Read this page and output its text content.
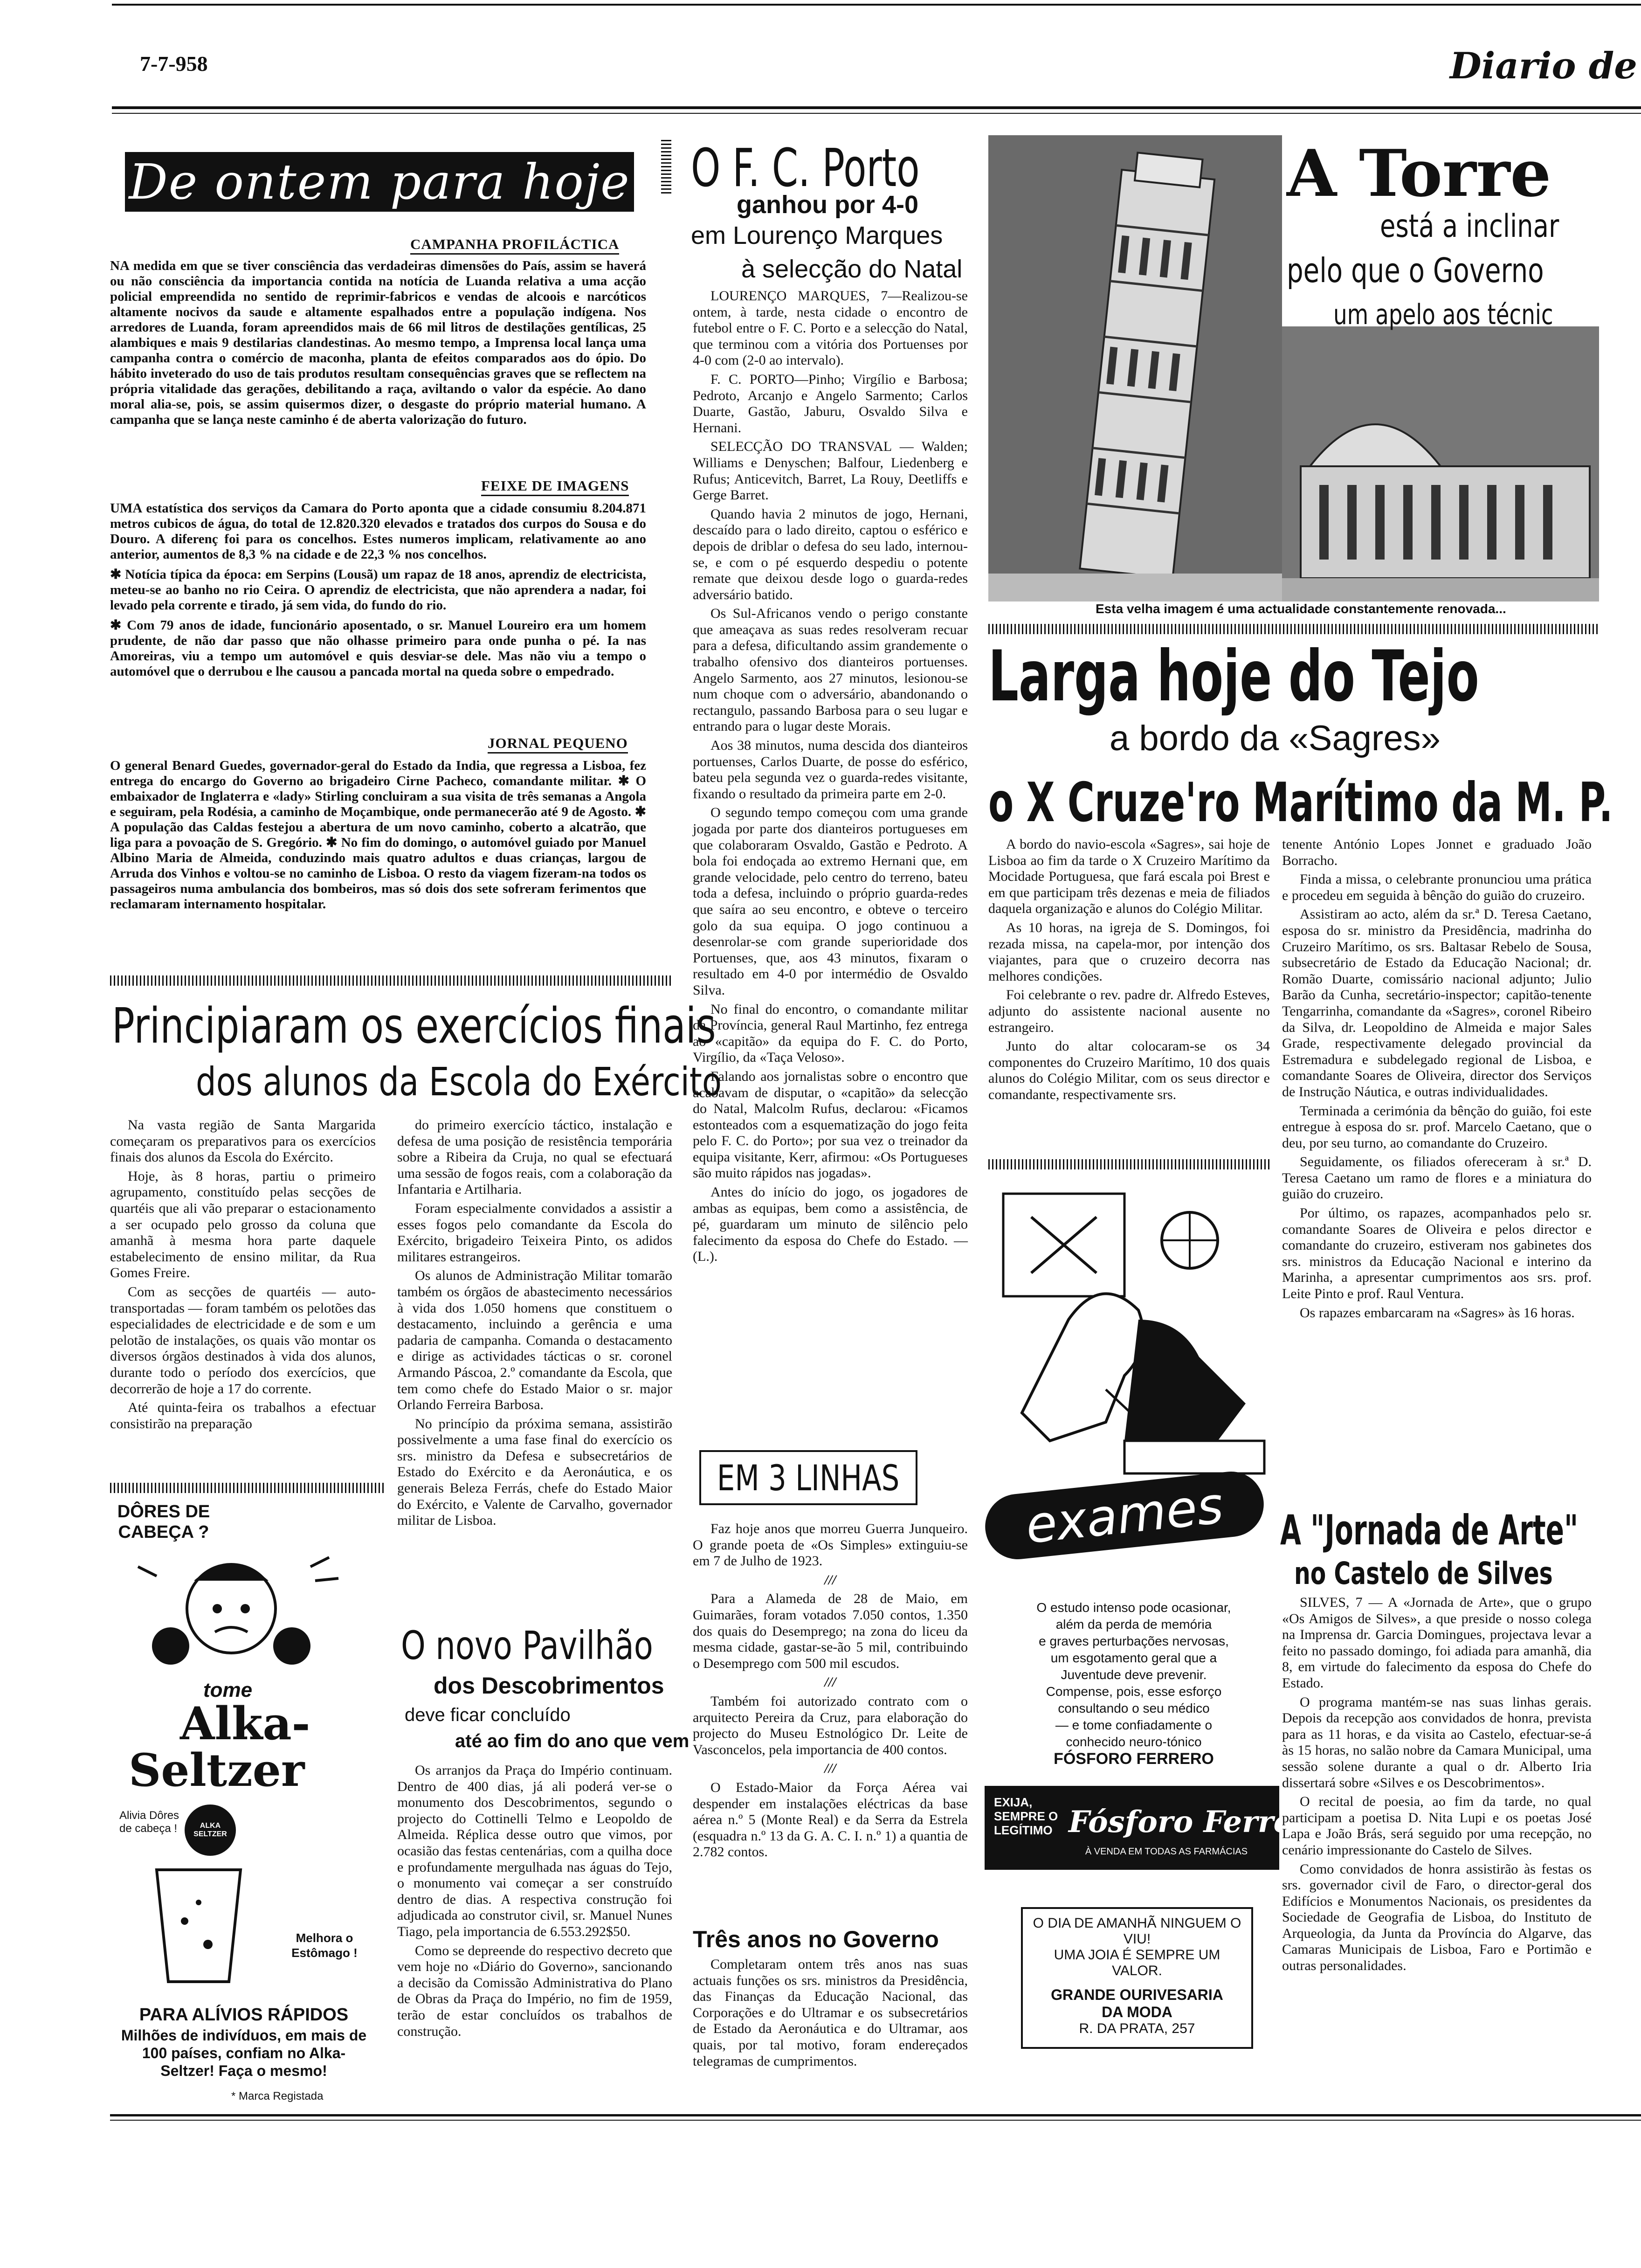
7-7-958	Diario de
De ontem para hoje
CAMPANHA PROFILÁCTICA

NA medida em que se tiver consciência das verdadeiras dimensões do País, assim se haverá ou não consciência da importancia contida na notícia de Luanda relativa a uma acção policial empreendida no sentido de reprimir-fabricos e vendas de alcoois e narcóticos altamente nocivos da saude e altamente espalhados entre a população indígena. Nos arredores de Luanda, foram apreendidos mais de 66 mil litros de destilações gentílicas, 25 alambiques e mais 9 destilarias clandestinas. Ao mesmo tempo, a Imprensa local lança uma campanha contra o comércio de maconha, planta de efeitos comparados aos do ópio. Do hábito inveterado do uso de tais produtos resultam consequências graves que se reflectem na própria vitalidade das gerações, debilitando a raça, aviltando o valor da espécie. Ao dano moral alia-se, pois, se assim quisermos dizer, o desgaste do próprio material humano. A campanha que se lança neste caminho é de aberta valorização do futuro.

FEIXE DE IMAGENS

UMA estatística dos serviços da Camara do Porto aponta que a cidade consumiu 8.204.871 metros cubicos de água, do total de 12.820.320 elevados e tratados dos curpos do Sousa e do Douro. A diferenç foi para os concelhos. Estes numeros implicam, relativamente ao ano anterior, aumentos de 8,3 % na cidade e de 22,3 % nos concelhos.

✱ Notícia típica da época: em Serpins (Lousã) um rapaz de 18 anos, aprendiz de electricista, meteu-se ao banho no rio Ceira. O aprendiz de electricista, que não aprendera a nadar, foi levado pela corrente e tirado, já sem vida, do fundo do rio.

✱ Com 79 anos de idade, funcionário aposentado, o sr. Manuel Loureiro era um homem prudente, de não dar passo que não olhasse primeiro para onde punha o pé. Ia nas Amoreiras, viu a tempo um automóvel e quis desviar-se dele. Mas não viu a tempo o automóvel que o derrubou e lhe causou a pancada mortal na queda sobre o empedrado.

JORNAL PEQUENO

O general Benard Guedes, governador-geral do Estado da India, que regressa a Lisboa, fez entrega do encargo do Governo ao brigadeiro Cirne Pacheco, comandante militar. ✱ O embaixador de Inglaterra e «lady» Stirling concluiram a sua visita de três semanas a Angola e seguiram, pela Rodésia, a caminho de Moçambique, onde permanecerão até 9 de Agosto. ✱ A população das Caldas festejou a abertura de um novo caminho, coberto a alcatrão, que liga para a povoação de S. Gregório. ✱ No fim do domingo, o automóvel guiado por Manuel Albino Maria de Almeida, conduzindo mais quatro adultos e duas crianças, largou de Arruda dos Vinhos e voltou-se no caminho de Lisboa. O resto da viagem fizeram-na todos os passageiros numa ambulancia dos bombeiros, mas só dois dos sete sofreram ferimentos que reclamaram internamento hospitalar.

Principiaram os exercícios finais
dos alunos da Escola do Exército

Na vasta região de Santa Margarida começaram os preparativos para os exercícios finais dos alunos da Escola do Exército.

Hoje, às 8 horas, partiu o primeiro agrupamento, constituído pelas secções de quartéis que ali vão preparar o estacionamento a ser ocupado pelo grosso da coluna que amanhã à mesma hora parte daquele estabelecimento de ensino militar, da Rua Gomes Freire.

Com as secções de quartéis — auto-transportadas — foram também os pelotões das especialidades de electricidade e de som e um pelotão de instalações, os quais vão montar os diversos órgãos destinados à vida dos alunos, durante todo o período dos exercícios, que decorrerão de hoje a 17 do corrente.

Até quinta-feira os trabalhos a efectuar consistirão na preparação

do primeiro exercício táctico, instalação e defesa de uma posição de resistência temporária sobre a Ribeira da Cruja, no qual se efectuará uma sessão de fogos reais, com a colaboração da Infantaria e Artilharia.

Foram especialmente convidados a assistir a esses fogos pelo comandante da Escola do Exército, brigadeiro Teixeira Pinto, os adidos militares estrangeiros.

Os alunos de Administração Militar tomarão também os órgãos de abastecimento necessários à vida dos 1.050 homens que constituem o destacamento, incluindo a gerência e uma padaria de campanha. Comanda o destacamento e dirige as actividades tácticas o sr. coronel Armando Páscoa, 2.º comandante da Escola, que tem como chefe do Estado Maior o sr. major Orlando Ferreira Barbosa.

No princípio da próxima semana, assistirão possivelmente a uma fase final do exercício os srs. ministro da Defesa e subsecretários de Estado do Exército e da Aeronáutica, e os generais Beleza Ferrás, chefe do Estado Maior do Exército, e Valente de Carvalho, governador militar de Lisboa.

DÔRES DE CABEÇA ?
tome
Alka-
Seltzer
Alivia Dôres de cabeça !	ALKA SELTZER
Melhora o Estômago !
PARA ALÍVIOS RÁPIDOS
Milhões de indivíduos, em mais de 100 países, confiam no Alka-Seltzer! Faça o mesmo!
* Marca Registada
O novo Pavilhão
dos Descobrimentos
deve ficar concluído
até ao fim do ano que vem

Os arranjos da Praça do Império continuam. Dentro de 400 dias, já ali poderá ver-se o monumento dos Descobrimentos, segundo o projecto do Cottinelli Telmo e Leopoldo de Almeida. Réplica desse outro que vimos, por ocasião das festas centenárias, com a quilha doce e profundamente mergulhada nas águas do Tejo, o monumento vai começar a ser construído dentro de dias. A respectiva construção foi adjudicada ao construtor civil, sr. Manuel Nunes Tiago, pela importancia de 6.553.292$50.

Como se depreende do respectivo decreto que vem hoje no «Diário do Governo», sancionando a decisão da Comissão Administrativa do Plano de Obras da Praça do Império, no fim de 1959, terão de estar concluídos os trabalhos de construção.

O F. C. Porto
ganhou por 4-0
em Lourenço Marques
à selecção do Natal

LOURENÇO MARQUES, 7—Realizou-se ontem, à tarde, nesta cidade o encontro de futebol entre o F. C. Porto e a selecção do Natal, que terminou com a vitória dos Portuenses por 4-0 com (2-0 ao intervalo).

F. C. PORTO—Pinho; Virgílio e Barbosa; Pedroto, Arcanjo e Angelo Sarmento; Carlos Duarte, Gastão, Jaburu, Osvaldo Silva e Hernani.

SELECÇÃO DO TRANSVAL — Walden; Williams e Denyschen; Balfour, Liedenberg e Rufus; Anticevitch, Barret, La Rouy, Deetliffs e Gerge Barret.

Quando havia 2 minutos de jogo, Hernani, descaído para o lado direito, captou o esférico e depois de driblar o defesa do seu lado, internou-se, e com o pé esquerdo despediu o potente remate que deixou desde logo o guarda-redes adversário batido.

Os Sul-Africanos vendo o perigo constante que ameaçava as suas redes resolveram recuar para a defesa, dificultando assim grandemente o trabalho ofensivo dos dianteiros portuenses. Angelo Sarmento, aos 27 minutos, lesionou-se num choque com o adversário, abandonando o rectangulo, passando Barbosa para o seu lugar e entrando para o lugar deste Morais.

Aos 38 minutos, numa descida dos dianteiros portuenses, Carlos Duarte, de posse do esférico, bateu pela segunda vez o guarda-redes visitante, fixando o resultado da primeira parte em 2-0.

O segundo tempo começou com uma grande jogada por parte dos dianteiros portugueses em que colaboraram Osvaldo, Gastão e Pedroto. A bola foi endoçada ao extremo Hernani que, em grande velocidade, pelo centro do terreno, bateu toda a defesa, incluindo o próprio guarda-redes que saíra ao seu encontro, e obteve o terceiro golo da sua equipa. O jogo continuou a desenrolar-se com grande superioridade dos Portuenses, que, aos 43 minutos, fixaram o resultado em 4-0 por intermédio de Osvaldo Silva.

No final do encontro, o comandante militar da Província, general Raul Martinho, fez entrega ao «capitão» da equipa do F. C. do Porto, Virgílio, da «Taça Veloso».

Falando aos jornalistas sobre o encontro que acabavam de disputar, o «capitão» da selecção do Natal, Malcolm Rufus, declarou: «Ficamos estonteados com a esquematização do jogo feita pelo F. C. do Porto»; por sua vez o treinador da equipa visitante, Kerr, afirmou: «Os Portugueses são muito rápidos nas jogadas».

Antes do início do jogo, os jogadores de ambas as equipas, bem como a assistência, de pé, guardaram um minuto de silêncio pelo falecimento da esposa do Chefe do Estado. — (L.).

EM 3 LINHAS

Faz hoje anos que morreu Guerra Junqueiro. O grande poeta de «Os Simples» extinguiu-se em 7 de Julho de 1923.

///

Para a Alameda de 28 de Maio, em Guimarães, foram votados 7.050 contos, 1.350 dos quais do Desemprego; na zona do liceu da mesma cidade, gastar-se-ão 5 mil, contribuindo o Desemprego com 500 mil escudos.

///

Também foi autorizado contrato com o arquitecto Pereira da Cruz, para elaboração do projecto do Museu Estnológico Dr. Leite de Vasconcelos, pela importancia de 400 contos.

///

O Estado-Maior da Força Aérea vai despender em instalações eléctricas da base aérea n.º 5 (Monte Real) e da Serra da Estrela (esquadra n.º 13 da G. A. C. I. n.º 1) a quantia de 2.782 contos.

Três anos no Governo

Completaram ontem três anos nas suas actuais funções os srs. ministros da Presidência, das Finanças da Educação Nacional, das Corporações e do Ultramar e os subsecretários de Estado da Aeronáutica e do Ultramar, aos quais, por tal motivo, foram endereçados telegramas de cumprimentos.

A Torre
está a inclinar
pelo que o Governo
um apelo aos técnic
Esta velha imagem é uma actualidade constantemente renovada...
Larga hoje do Tejo
a bordo da «Sagres»
o X Cruze'ro Marítimo da M. P.

A bordo do navio-escola «Sagres», sai hoje de Lisboa ao fim da tarde o X Cruzeiro Marítimo da Mocidade Portuguesa, que fará escala poi Brest e em que participam três dezenas e meia de filiados daquela organização e alunos do Colégio Militar.

As 10 horas, na igreja de S. Domingos, foi rezada missa, na capela-mor, por intenção dos viajantes, para que o cruzeiro decorra nas melhores condições.

Foi celebrante o rev. padre dr. Alfredo Esteves, adjunto do assistente nacional ausente no estrangeiro.

Junto do altar colocaram-se os 34 componentes do Cruzeiro Marítimo, 10 dos quais alunos do Colégio Militar, com os seus director e comandante, respectivamente srs.

tenente António Lopes Jonnet e graduado João Borracho.

Finda a missa, o celebrante pronunciou uma prática e procedeu em seguida à bênção do guião do cruzeiro.

Assistiram ao acto, além da sr.ª D. Teresa Caetano, esposa do sr. ministro da Presidência, madrinha do Cruzeiro Marítimo, os srs. Baltasar Rebelo de Sousa, subsecretário de Estado da Educação Nacional; dr. Romão Duarte, comissário nacional adjunto; Julio Barão da Cunha, secretário-inspector; capitão-tenente Tengarrinha, comandante da «Sagres», coronel Ribeiro da Silva, dr. Leopoldino de Almeida e major Sales Grade, respectivamente delegado provincial da Estremadura e subdelegado regional de Lisboa, e comandante Soares de Oliveira, director dos Serviços de Instrução Náutica, e outras individualidades.

Terminada a cerimónia da bênção do guião, foi este entregue à esposa do sr. prof. Marcelo Caetano, que o deu, por seu turno, ao comandante do Cruzeiro.

Seguidamente, os filiados ofereceram à sr.ª D. Teresa Caetano um ramo de flores e a miniatura do guião do cruzeiro.

Por último, os rapazes, acompanhados pelo sr. comandante Soares de Oliveira e pelos director e comandante do cruzeiro, estiveram nos gabinetes dos srs. ministros da Educação Nacional e interino da Marinha, a apresentar cumprimentos aos srs. prof. Leite Pinto e prof. Raul Ventura.

Os rapazes embarcaram na «Sagres» às 16 horas.

exames
O estudo intenso pode ocasionar,
além da perda de memória
e graves perturbações nervosas,
um esgotamento geral que a
Juventude deve prevenir.
Compense, pois, esse esforço
consultando o seu médico
— e tome confiadamente o
conhecido neuro-tónico
FÓSFORO FERRERO
EXIJA, SEMPRE O LEGÍTIMO Fósforo Ferrero
À VENDA EM TODAS AS FARMÁCIAS
O DIA DE AMANHÃ NINGUEM O VIU!
UMA JOIA É SEMPRE UM VALOR.
GRANDE OURIVESARIA
DA MODA
R. DA PRATA, 257
A "Jornada de Arte"
no Castelo de Silves

SILVES, 7 — A «Jornada de Arte», que o grupo «Os Amigos de Silves», a que preside o nosso colega na Imprensa dr. Garcia Domingues, projectava levar a feito no passado domingo, foi adiada para amanhã, dia 8, em virtude do falecimento da esposa do Chefe do Estado.

O programa mantém-se nas suas linhas gerais. Depois da recepção aos convidados de honra, prevista para as 11 horas, e da visita ao Castelo, efectuar-se-á às 15 horas, no salão nobre da Camara Municipal, uma sessão solene durante a qual o dr. Alberto Iria dissertará sobre «Silves e os Descobrimentos».

O recital de poesia, ao fim da tarde, no qual participam a poetisa D. Nita Lupi e os poetas José Lapa e João Brás, será seguido por uma recepção, no cenário impressionante do Castelo de Silves.

Como convidados de honra assistirão às festas os srs. governador civil de Faro, o director-geral dos Edifícios e Monumentos Nacionais, os presidentes da Sociedade de Geografia de Lisboa, do Instituto de Arqueologia, da Junta da Província do Algarve, das Camaras Municipais de Lisboa, Faro e Portimão e outras personalidades.
